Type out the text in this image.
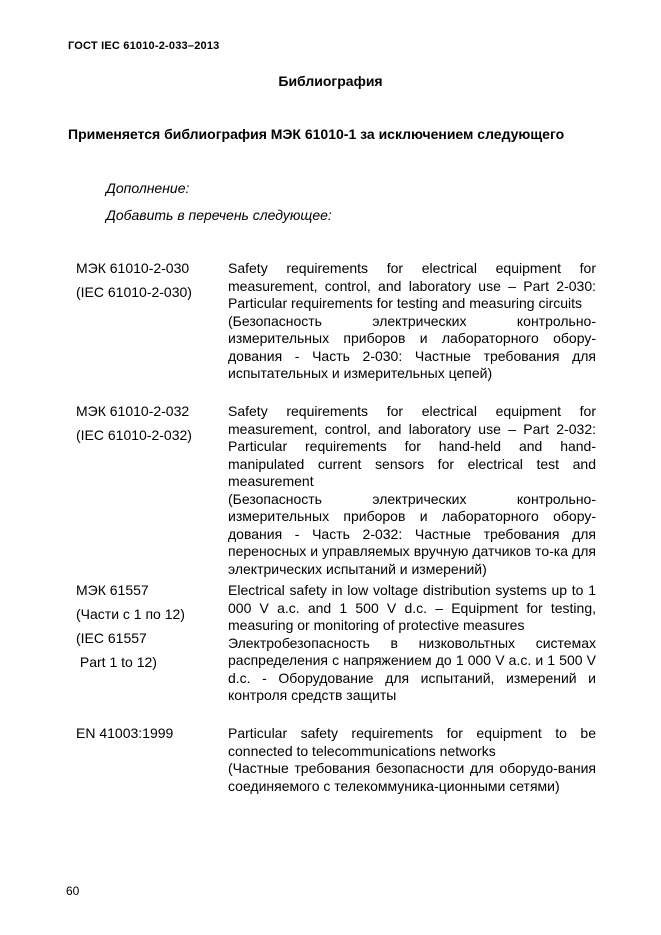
ГОСТ IEC 61010-2-033–2013
Библиография
Применяется библиография МЭК 61010-1 за исключением следующего
Дополнение:
Добавить в перечень следующее:
МЭК 61010-2-030
(IEC 61010-2-030)

Safety requirements for electrical equipment for measurement, control, and laboratory use – Part 2-030: Particular requirements for testing and measuring circuits

(Безопасность электрических контрольно-измерительных приборов и лабораторного обору-дования - Часть 2-030: Частные требования для испытательных и измерительных цепей)

МЭК 61010-2-032
(IEC 61010-2-032)

Safety requirements for electrical equipment for measurement, control, and laboratory use – Part 2-032: Particular requirements for hand-held and hand-manipulated current sensors for electrical test and measurement

(Безопасность электрических контрольно-измерительных приборов и лабораторного обору-дования - Часть 2-032: Частные требования для переносных и управляемых вручную датчиков то-ка для электрических испытаний и измерений)

МЭК 61557
(Части с 1 по 12)
(IEC 61557
Part 1 to 12)

Electrical safety in low voltage distribution systems up to 1 000 V a.c. and 1 500 V d.c. – Equipment for testing, measuring or monitoring of protective measures

Электробезопасность в низковольтных системах распределения с напряжением до 1 000 V a.c. и 1 500 V d.c. - Оборудование для испытаний, измерений и контроля средств защиты

EN 41003:1999	Particular safety requirements for equipment to be connected to telecommunications networks

(Частные требования безопасности для оборудо-вания соединяемого с телекоммуника-ционными сетями)

60
